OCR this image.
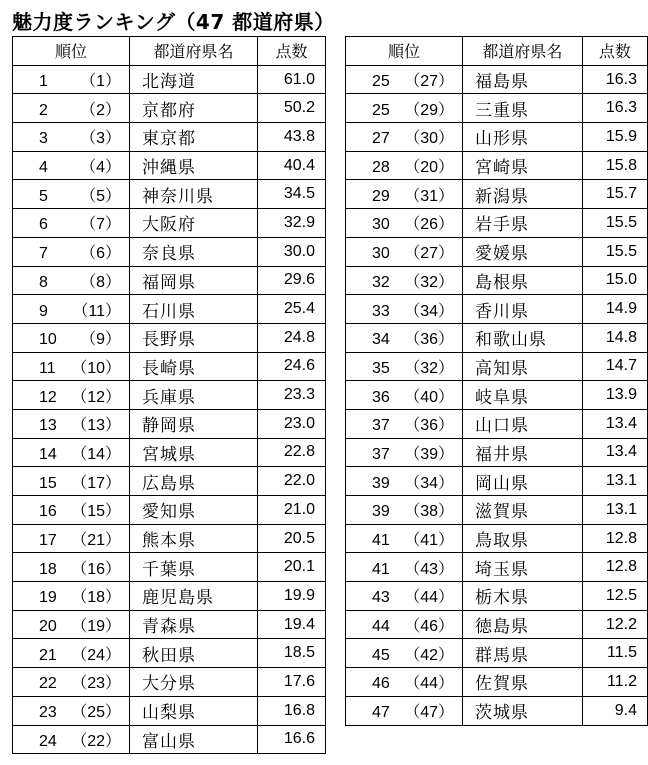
魅力度ランキング（47 都道府県）
順位	都道府県名	点数
1 （1）	北海道	61.0
2 （2）	京都府	50.2
3 （3）	東京都	43.8
4 （4）	沖縄県	40.4
5 （5）	神奈川県	34.5
6 （7）	大阪府	32.9
7 （6）	奈良県	30.0
8 （8）	福岡県	29.6
9 （11）	石川県	25.4
10 （9）	長野県	24.8
11 （10）	長崎県	24.6
12 （12）	兵庫県	23.3
13 （13）	静岡県	23.0
14 （14）	宮城県	22.8
15 （17）	広島県	22.0
16 （15）	愛知県	21.0
17 （21）	熊本県	20.5
18 （16）	千葉県	20.1
19 （18）	鹿児島県	19.9
20 （19）	青森県	19.4
21 （24）	秋田県	18.5
22 （23）	大分県	17.6
23 （25）	山梨県	16.8
24 （22）	富山県	16.6
順位	都道府県名	点数
25 （27）	福島県	16.3
25 （29）	三重県	16.3
27 （30）	山形県	15.9
28 （20）	宮崎県	15.8
29 （31）	新潟県	15.7
30 （26）	岩手県	15.5
30 （27）	愛媛県	15.5
32 （32）	島根県	15.0
33 （34）	香川県	14.9
34 （36）	和歌山県	14.8
35 （32）	高知県	14.7
36 （40）	岐阜県	13.9
37 （36）	山口県	13.4
37 （39）	福井県	13.4
39 （34）	岡山県	13.1
39 （38）	滋賀県	13.1
41 （41）	鳥取県	12.8
41 （43）	埼玉県	12.8
43 （44）	栃木県	12.5
44 （46）	徳島県	12.2
45 （42）	群馬県	11.5
46 （44）	佐賀県	11.2
47 （47）	茨城県	9.4
